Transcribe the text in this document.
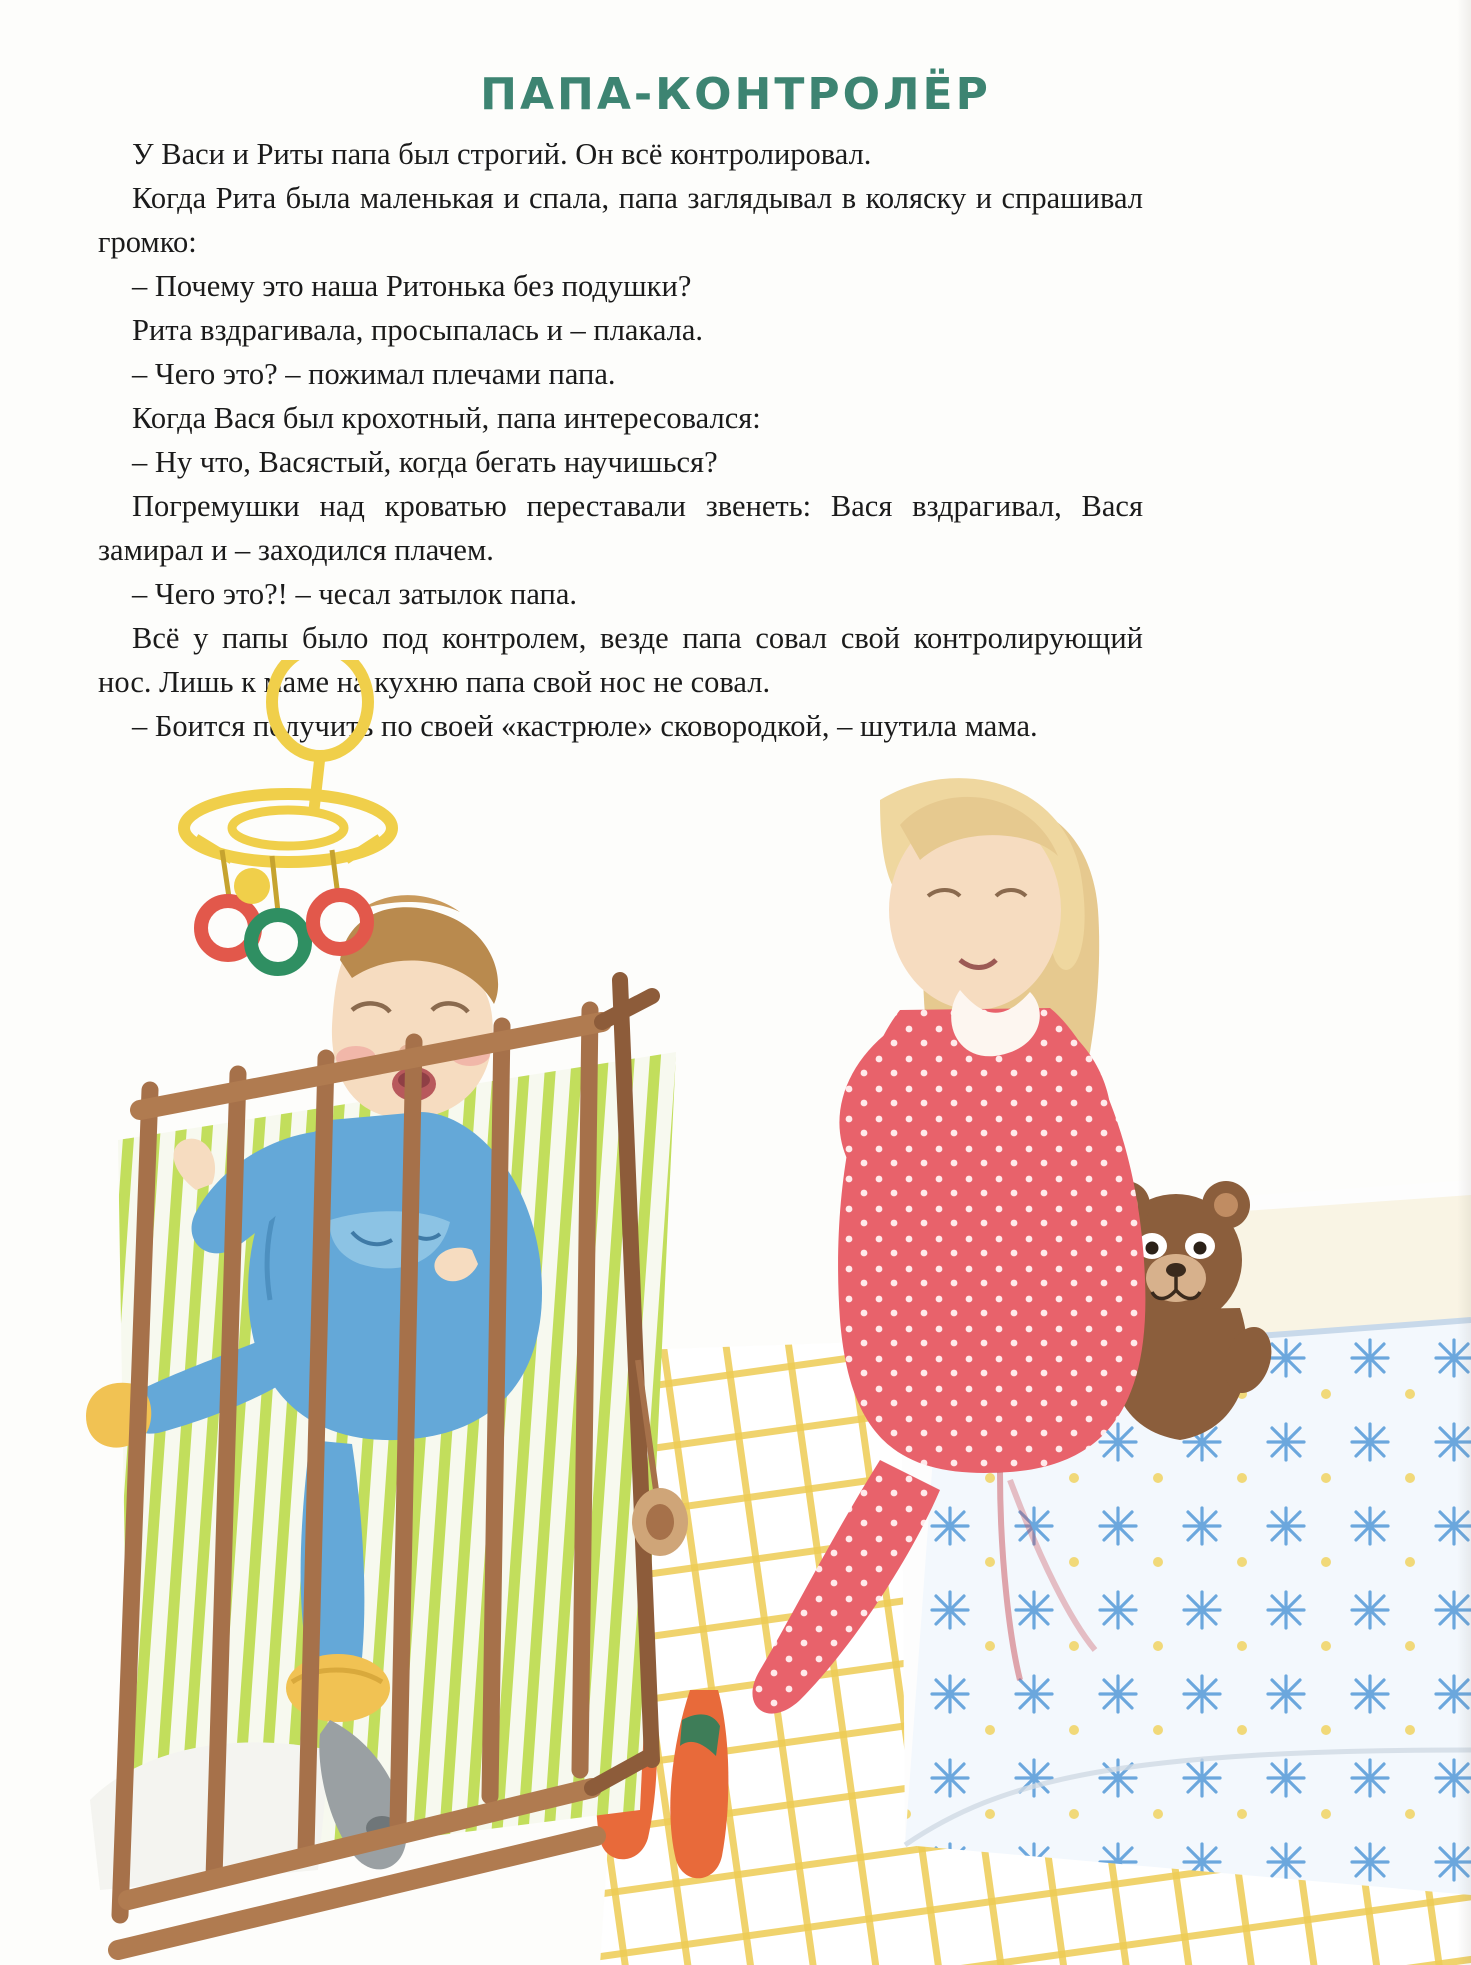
ПАПА-КОНТРОЛЁР

У Васи и Риты папа был строгий. Он всё контролировал.

Когда Рита была маленькая и спала, папа заглядывал в коляску и спрашивал громко:

– Почему это наша Ритонька без подушки?

Рита вздрагивала, просыпалась и – плакала.

– Чего это? – пожимал плечами папа.

Когда Вася был крохотный, папа интересовался:

– Ну что, Васястый, когда бегать научишься?

Погремушки над кроватью переставали звенеть: Вася вздрагивал, Вася замирал и – заходился плачем.

– Чего это?! – чесал затылок папа.

Всё у папы было под контролем, везде папа совал свой контролирующий нос. Лишь к маме на кухню папа свой нос не совал.

– Боится получить по своей «кастрюле» сковородкой, – шутила мама.
